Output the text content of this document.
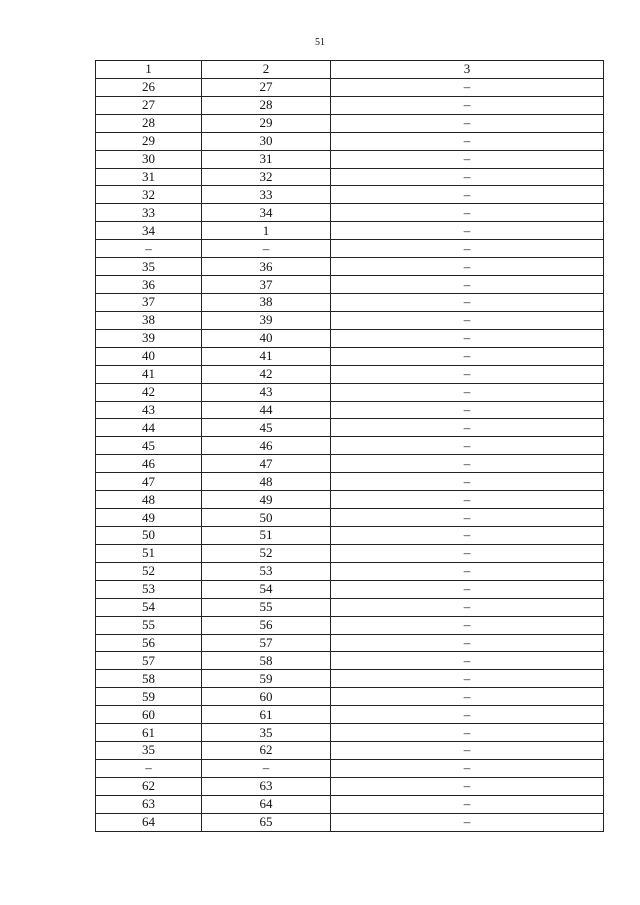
51
1	2	3
26	27	–
27	28	–
28	29	–
29	30	–
30	31	–
31	32	–
32	33	–
33	34	–
34	1	–
–	–	–
35	36	–
36	37	–
37	38	–
38	39	–
39	40	–
40	41	–
41	42	–
42	43	–
43	44	–
44	45	–
45	46	–
46	47	–
47	48	–
48	49	–
49	50	–
50	51	–
51	52	–
52	53	–
53	54	–
54	55	–
55	56	–
56	57	–
57	58	–
58	59	–
59	60	–
60	61	–
61	35	–
35	62	–
–	–	–
62	63	–
63	64	–
64	65	–
